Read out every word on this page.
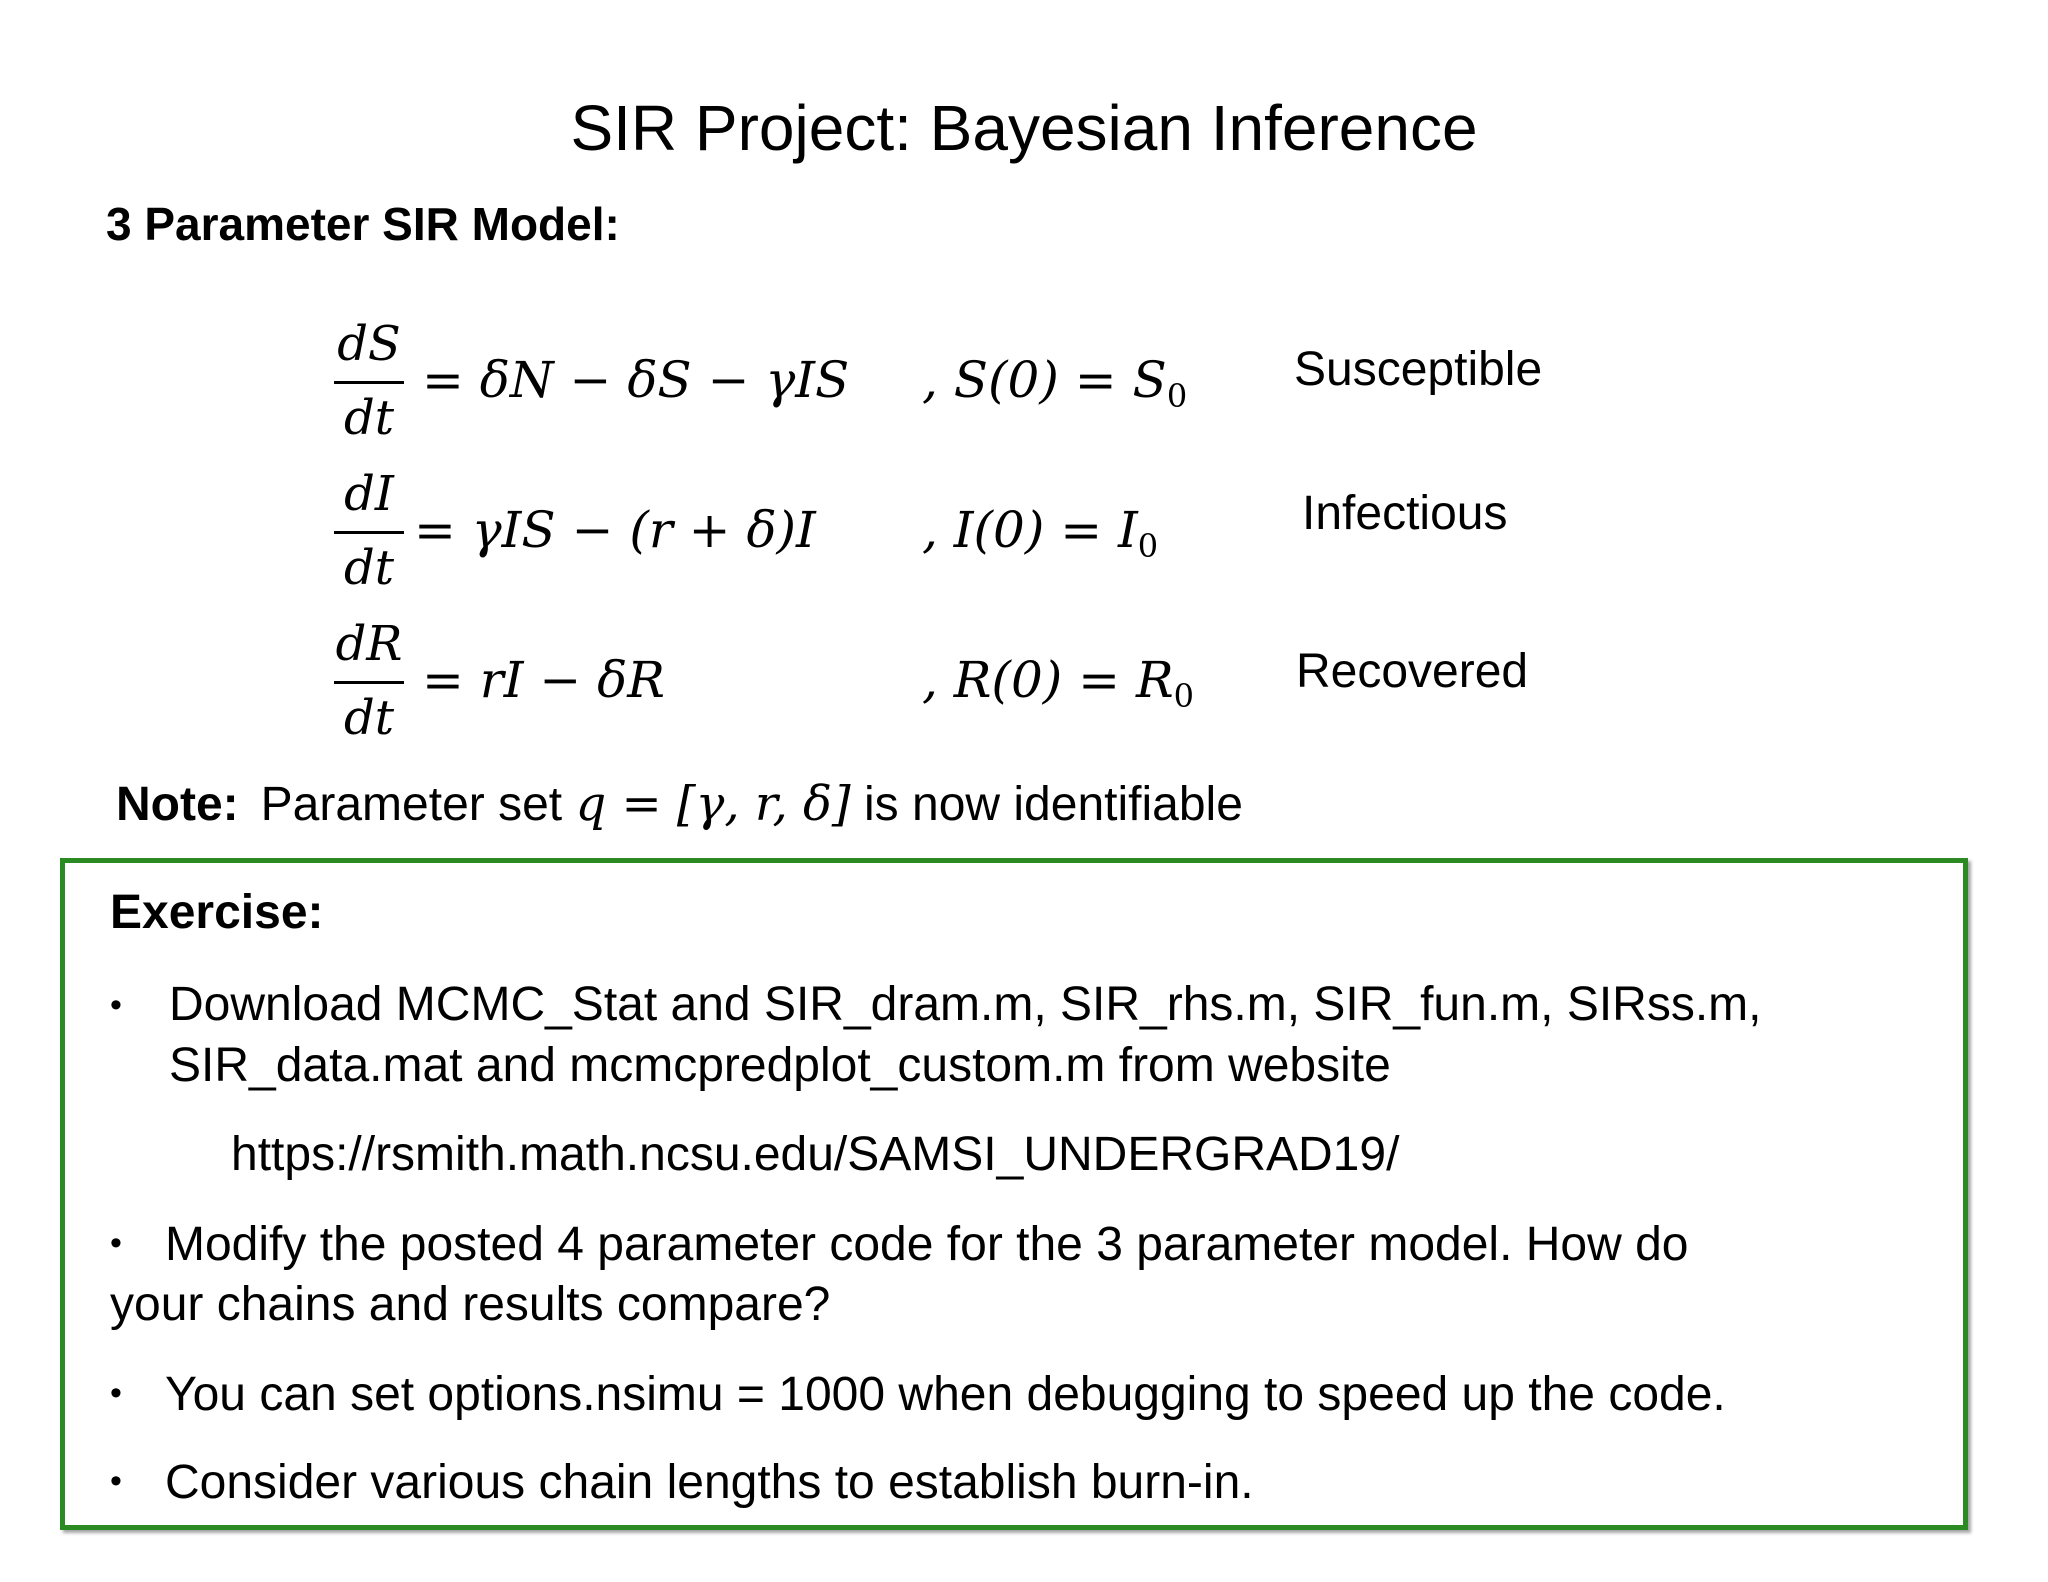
SIR Project: Bayesian Inference
3 Parameter SIR Model:
dS
dt
= δN − δS − γIS , $S(0) = S_0$ Susceptible
dI
dt
= γIS − (r + δ)I , $I(0) = I_0$
Infectious
dR
dt
= rI − δR	, $R(0) = R_0$ Recovered
Note: Parameter set q = [γ, r, δ] is now identifiable
Exercise:
• Download MCMC_Stat and SIR_dram.m, SIR_rhs.m, SIR_fun.m, SIRss.m,
SIR_data.mat and mcmcpredplot_custom.m from website
https://rsmith.math.ncsu.edu/SAMSI_UNDERGRAD19/
• Modify the posted 4 parameter code for the 3 parameter model. How do
your chains and results compare?
• You can set options.nsimu = 1000 when debugging to speed up the code.
• Consider various chain lengths to establish burn-in.
